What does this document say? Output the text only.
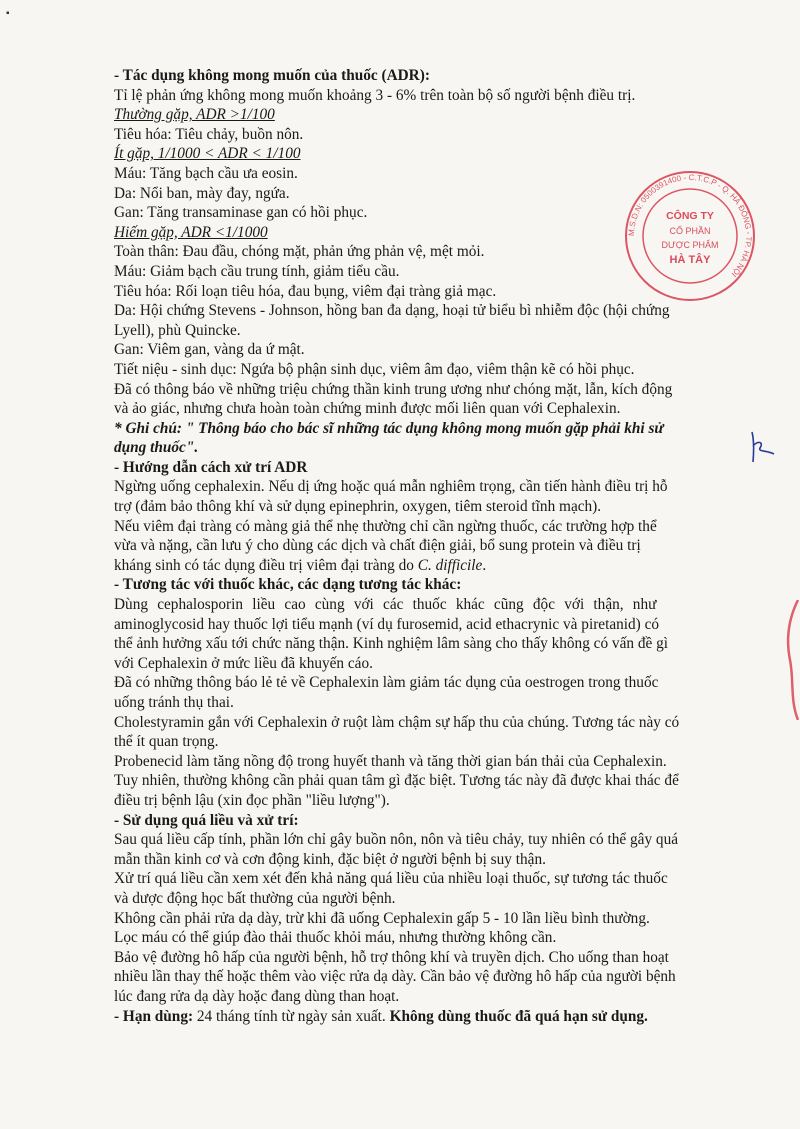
- Tác dụng không mong muốn của thuốc (ADR):
Tỉ lệ phản ứng không mong muốn khoảng 3 - 6% trên toàn bộ số người bệnh điều trị.
Thường gặp, ADR >1/100
Tiêu hóa: Tiêu chảy, buồn nôn.
Ít gặp, 1/1000 < ADR < 1/100
Máu: Tăng bạch cầu ưa eosin.
Da: Nổi ban, mày đay, ngứa.
Gan: Tăng transaminase gan có hồi phục.
Hiếm gặp, ADR <1/1000
Toàn thân: Đau đầu, chóng mặt, phản ứng phản vệ, mệt mỏi.
Máu: Giảm bạch cầu trung tính, giảm tiểu cầu.
Tiêu hóa: Rối loạn tiêu hóa, đau bụng, viêm đại tràng giả mạc.
Da: Hội chứng Stevens - Johnson, hồng ban đa dạng, hoại tử biểu bì nhiễm độc (hội chứng
Lyell), phù Quincke.
Gan: Viêm gan, vàng da ứ mật.
Tiết niệu - sinh dục: Ngứa bộ phận sinh dục, viêm âm đạo, viêm thận kẽ có hồi phục.
Đã có thông báo về những triệu chứng thần kinh trung ương như chóng mặt, lẫn, kích động
và ảo giác, nhưng chưa hoàn toàn chứng minh được mối liên quan với Cephalexin.
* Ghi chú: " Thông báo cho bác sĩ những tác dụng không mong muốn gặp phải khi sử
dụng thuốc".
- Hướng dẫn cách xử trí ADR
Ngừng uống cephalexin. Nếu dị ứng hoặc quá mẫn nghiêm trọng, cần tiến hành điều trị hỗ
trợ (đảm bảo thông khí và sử dụng epinephrin, oxygen, tiêm steroid tĩnh mạch).
Nếu viêm đại tràng có màng giả thể nhẹ thường chỉ cần ngừng thuốc, các trường hợp thể
vừa và nặng, cần lưu ý cho dùng các dịch và chất điện giải, bổ sung protein và điều trị
kháng sinh có tác dụng điều trị viêm đại tràng do C. difficile.
- Tương tác với thuốc khác, các dạng tương tác khác:
Dùng cephalosporin liều cao cùng với các thuốc khác cũng độc với thận, như
aminoglycosid hay thuốc lợi tiểu mạnh (ví dụ furosemid, acid ethacrynic và piretanid) có
thể ảnh hưởng xấu tới chức năng thận. Kinh nghiệm lâm sàng cho thấy không có vấn đề gì
với Cephalexin ở mức liều đã khuyến cáo.
Đã có những thông báo lẻ tẻ về Cephalexin làm giảm tác dụng của oestrogen trong thuốc
uống tránh thụ thai.
Cholestyramin gắn với Cephalexin ở ruột làm chậm sự hấp thu của chúng. Tương tác này có
thể ít quan trọng.
Probenecid làm tăng nồng độ trong huyết thanh và tăng thời gian bán thải của Cephalexin.
Tuy nhiên, thường không cần phải quan tâm gì đặc biệt. Tương tác này đã được khai thác để
điều trị bệnh lậu (xin đọc phần "liều lượng").
- Sử dụng quá liều và xử trí:
Sau quá liều cấp tính, phần lớn chỉ gây buồn nôn, nôn và tiêu chảy, tuy nhiên có thể gây quá
mẫn thần kinh cơ và cơn động kinh, đặc biệt ở người bệnh bị suy thận.
Xử trí quá liều cần xem xét đến khả năng quá liều của nhiều loại thuốc, sự tương tác thuốc
và dược động học bất thường của người bệnh.
Không cần phải rửa dạ dày, trừ khi đã uống Cephalexin gấp 5 - 10 lần liều bình thường.
Lọc máu có thể giúp đào thải thuốc khỏi máu, nhưng thường không cần.
Bảo vệ đường hô hấp của người bệnh, hỗ trợ thông khí và truyền dịch. Cho uống than hoạt
nhiều lần thay thế hoặc thêm vào việc rửa dạ dày. Cần bảo vệ đường hô hấp của người bệnh
lúc đang rửa dạ dày hoặc đang dùng than hoạt.
- Hạn dùng: 24 tháng tính từ ngày sản xuất. Không dùng thuốc đã quá hạn sử dụng.
M.S.D.N: 0500391400 - C.T.C.P - Q. HÀ ĐÔNG - TP. HÀ NỘI
CÔNG TY
CỔ PHẦN
DƯỢC PHẨM
HÀ TÂY
▪
